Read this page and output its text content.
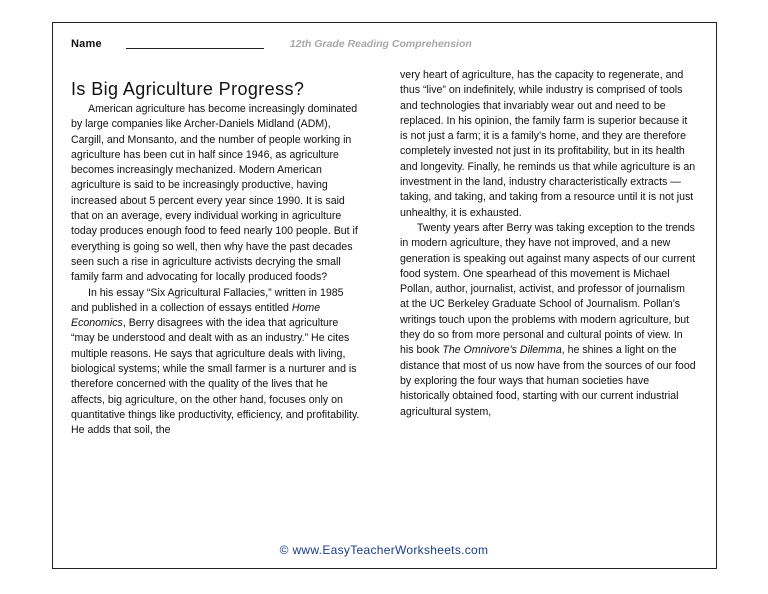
Name	12th Grade Reading Comprehension
Is Big Agriculture Progress?

American agriculture has become increasingly dominated by large companies like Archer-Daniels Midland (ADM), Cargill, and Monsanto, and the number of people working in agriculture has been cut in half since 1946, as agriculture becomes increasingly mechanized. Modern American agriculture is said to be increasingly productive, having increased about 5 percent every year since 1990. It is said that on an average, every individual working in agriculture today produces enough food to feed nearly 100 people. But if everything is going so well, then why have the past decades seen such a rise in agriculture activists decrying the small family farm and advocating for locally produced foods?

In his essay “Six Agricultural Fallacies,” written in 1985 and published in a collection of essays entitled Home Economics, Berry disagrees with the idea that agriculture “may be understood and dealt with as an industry.” He cites multiple reasons. He says that agriculture deals with living, biological systems; while the small farmer is a nurturer and is therefore concerned with the quality of the lives that he affects, big agriculture, on the other hand, focuses only on quantitative things like productivity, efficiency, and profitability. He adds that soil, the

very heart of agriculture, has the capacity to regenerate, and thus “live” on indefinitely, while industry is comprised of tools and technologies that invariably wear out and need to be replaced. In his opinion, the family farm is superior because it is not just a farm; it is a family’s home, and they are therefore completely invested not just in its profitability, but in its health and longevity. Finally, he reminds us that while agriculture is an investment in the land, industry characteristically extracts — taking, and taking, and taking from a resource until it is not just unhealthy, it is exhausted.

Twenty years after Berry was taking exception to the trends in modern agriculture, they have not improved, and a new generation is speaking out against many aspects of our current food system. One spearhead of this movement is Michael Pollan, author, journalist, activist, and professor of journalism at the UC Berkeley Graduate School of Journalism. Pollan’s writings touch upon the problems with modern agriculture, but they do so from more personal and cultural points of view. In his book The Omnivore’s Dilemma, he shines a light on the distance that most of us now have from the sources of our food by exploring the four ways that human societies have historically obtained food, starting with our current industrial agricultural system,

© www.EasyTeacherWorksheets.com
